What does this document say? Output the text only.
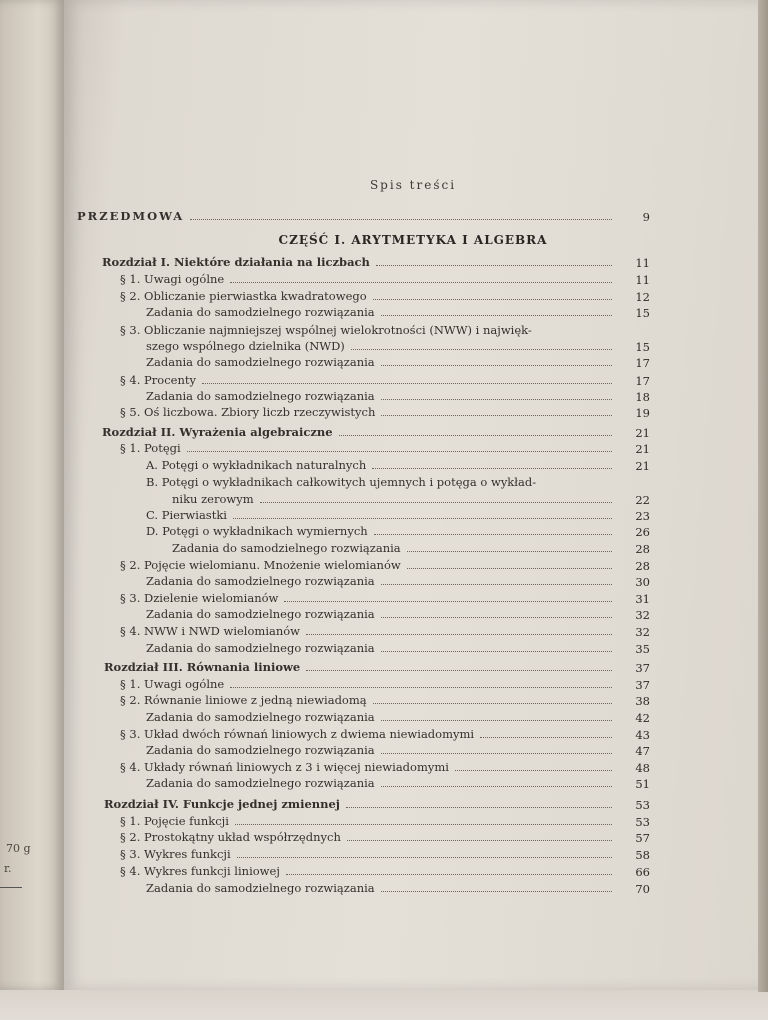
70 g
r.
Spis treści
CZĘŚĆ I. ARYTMETYKA I ALGEBRA
PRZEDMOWA	9
Rozdział I. Niektóre działania na liczbach	11
§ 1. Uwagi ogólne	11
§ 2. Obliczanie pierwiastka kwadratowego	12
Zadania do samodzielnego rozwiązania	15
§ 3. Obliczanie najmniejszej wspólnej wielokrotności (NWW) i najwięk-
szego wspólnego dzielnika (NWD)	15
Zadania do samodzielnego rozwiązania	17
§ 4. Procenty	17
Zadania do samodzielnego rozwiązania	18
§ 5. Oś liczbowa. Zbiory liczb rzeczywistych	19
Rozdział II. Wyrażenia algebraiczne	21
§ 1. Potęgi	21
A. Potęgi o wykładnikach naturalnych	21
B. Potęgi o wykładnikach całkowitych ujemnych i potęga o wykład-
niku zerowym	22
C. Pierwiastki	23
D. Potęgi o wykładnikach wymiernych	26
Zadania do samodzielnego rozwiązania	28
§ 2. Pojęcie wielomianu. Mnożenie wielomianów	28
Zadania do samodzielnego rozwiązania	30
§ 3. Dzielenie wielomianów	31
Zadania do samodzielnego rozwiązania	32
§ 4. NWW i NWD wielomianów	32
Zadania do samodzielnego rozwiązania	35
Rozdział III. Równania liniowe	37
§ 1. Uwagi ogólne	37
§ 2. Równanie liniowe z jedną niewiadomą	38
Zadania do samodzielnego rozwiązania	42
§ 3. Układ dwóch równań liniowych z dwiema niewiadomymi	43
Zadania do samodzielnego rozwiązania	47
§ 4. Układy równań liniowych z 3 i więcej niewiadomymi	48
Zadania do samodzielnego rozwiązania	51
Rozdział IV. Funkcje jednej zmiennej	53
§ 1. Pojęcie funkcji	53
§ 2. Prostokątny układ współrzędnych	57
§ 3. Wykres funkcji	58
§ 4. Wykres funkcji liniowej	66
Zadania do samodzielnego rozwiązania	70
